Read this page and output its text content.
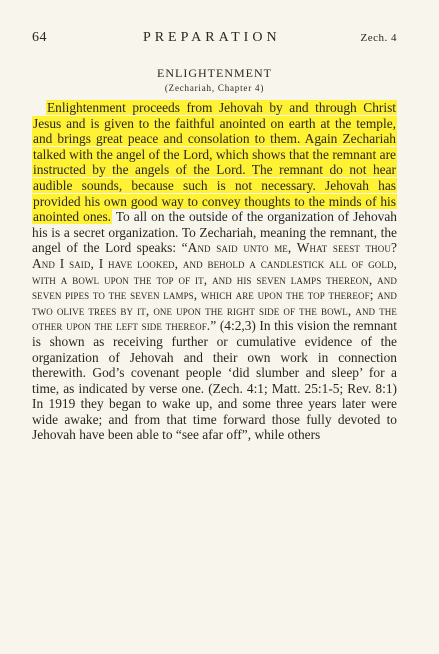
64	PREPARATION	Zech. 4
ENLIGHTENMENT
(Zechariah, Chapter 4)

Enlightenment proceeds from Jehovah by and through Christ Jesus and is given to the faithful anointed on earth at the temple, and brings great peace and consolation to them. Again Zechariah talked with the angel of the Lord, which shows that the remnant are instructed by the angels of the Lord. The remnant do not hear audible sounds, because such is not necessary. Jehovah has provided his own good way to convey thoughts to the minds of his anointed ones. To all on the outside of the organization of Jehovah his is a secret organization. To Zechariah, meaning the remnant, the angel of the Lord speaks: “And said unto me, What seest thou? And I said, I have looked, and behold a candlestick all of gold, with a bowl upon the top of it, and his seven lamps thereon, and seven pipes to the seven lamps, which are upon the top thereof; and two olive trees by it, one upon the right side of the bowl, and the other upon the left side thereof.” (4:2,3) In this vision the remnant is shown as receiving further or cumulative evidence of the organization of Jehovah and their own work in connection therewith. God’s covenant people ‘did slumber and sleep’ for a time, as indicated by verse one. (Zech. 4:1; Matt. 25:1-5; Rev. 8:1) In 1919 they began to wake up, and some three years later were wide awake; and from that time forward those fully devoted to Jehovah have been able to “see afar off”, while others
